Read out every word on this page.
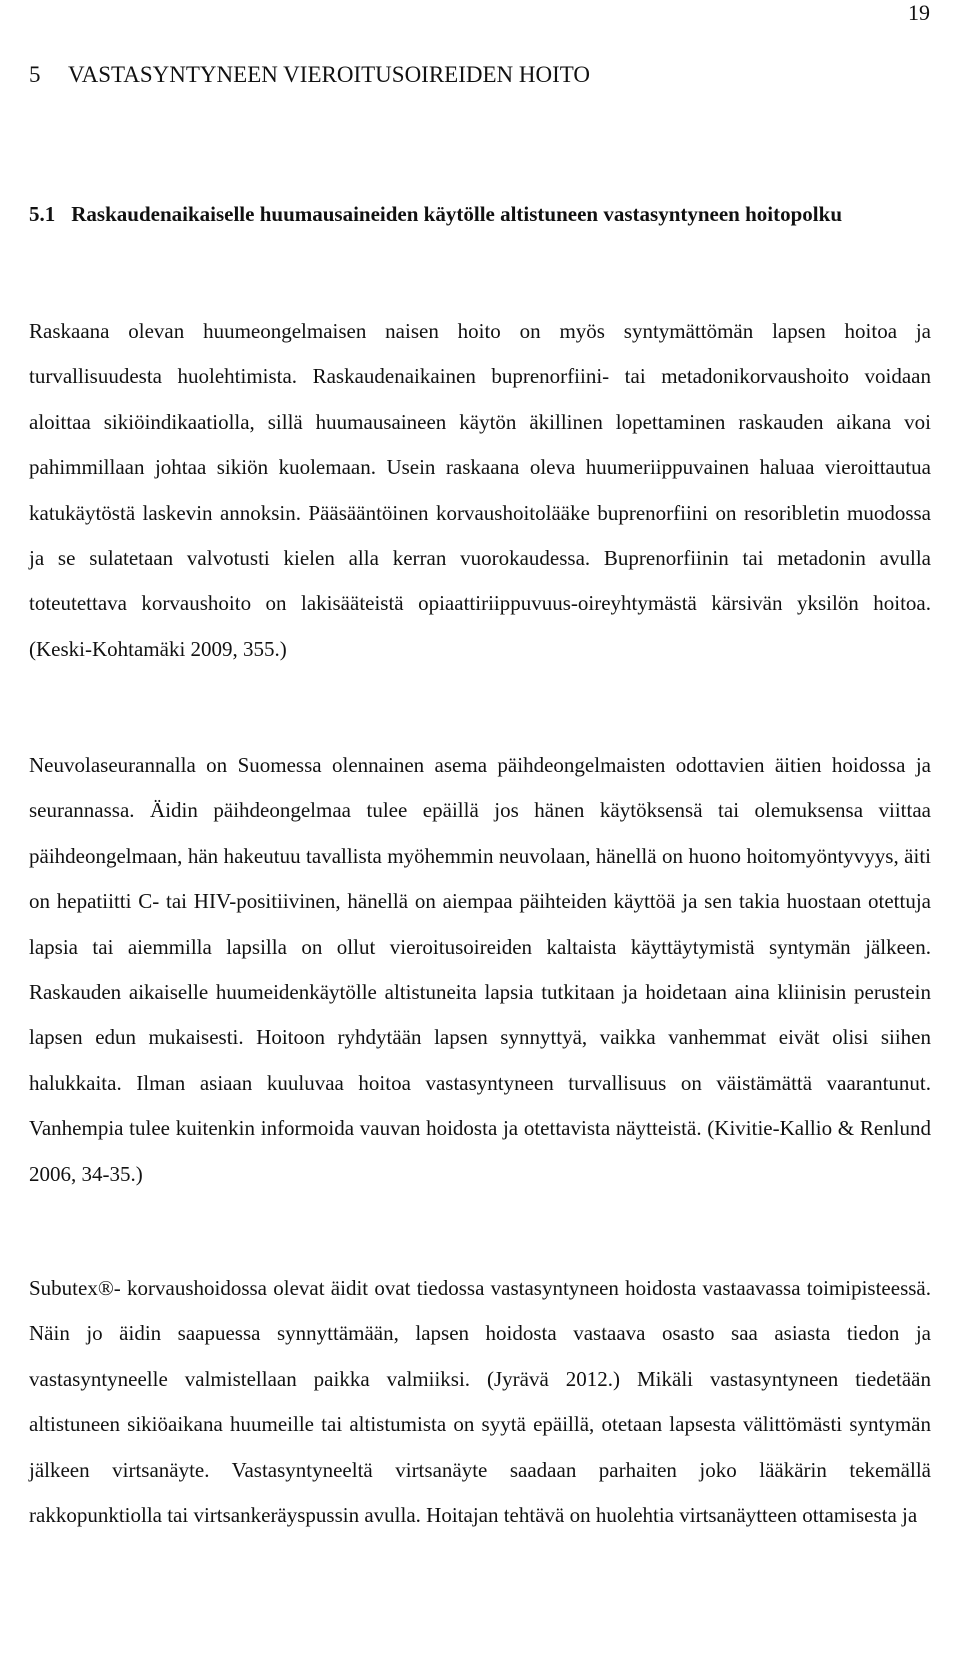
19
5 VASTASYNTYNEEN VIEROITUSOIREIDEN HOITO
5.1 Raskaudenaikaiselle huumausaineiden käytölle altistuneen vastasyntyneen hoitopolku

Raskaana olevan huumeongelmaisen naisen hoito on myös syntymättömän lapsen hoitoa ja turvallisuudesta huolehtimista. Raskaudenaikainen buprenorfiini- tai metadonikorvaushoito voidaan aloittaa sikiöindikaatiolla, sillä huumausaineen käytön äkillinen lopettaminen raskauden aikana voi pahimmillaan johtaa sikiön kuolemaan. Usein raskaana oleva huumeriippuvainen haluaa vieroittautua katukäytöstä laskevin annoksin. Pääsääntöinen korvaushoitolääke buprenorfiini on resoribletin muodossa ja se sulatetaan valvotusti kielen alla kerran vuorokaudessa. Buprenorfiinin tai metadonin avulla toteutettava korvaushoito on lakisääteistä opiaattiriippuvuus-oireyhtymästä kärsivän yksilön hoitoa. (Keski-Kohtamäki 2009, 355.)

Neuvolaseurannalla on Suomessa olennainen asema päihdeongelmaisten odottavien äitien hoidossa ja seurannassa. Äidin päihdeongelmaa tulee epäillä jos hänen käytöksensä tai olemuksensa viittaa päihdeongelmaan, hän hakeutuu tavallista myöhemmin neuvolaan, hänellä on huono hoitomyöntyvyys, äiti on hepatiitti C- tai HIV-positiivinen, hänellä on aiempaa päihteiden käyttöä ja sen takia huostaan otettuja lapsia tai aiemmilla lapsilla on ollut vieroitusoireiden kaltaista käyttäytymistä syntymän jälkeen. Raskauden aikaiselle huumeidenkäytölle altistuneita lapsia tutkitaan ja hoidetaan aina kliinisin perustein lapsen edun mukaisesti. Hoitoon ryhdytään lapsen synnyttyä, vaikka vanhemmat eivät olisi siihen halukkaita. Ilman asiaan kuuluvaa hoitoa vastasyntyneen turvallisuus on väistämättä vaarantunut. Vanhempia tulee kuitenkin informoida vauvan hoidosta ja otettavista näytteistä. (Kivitie-Kallio & Renlund 2006, 34-35.)

Subutex®- korvaushoidossa olevat äidit ovat tiedossa vastasyntyneen hoidosta vastaavassa toimipisteessä. Näin jo äidin saapuessa synnyttämään, lapsen hoidosta vastaava osasto saa asiasta tiedon ja vastasyntyneelle valmistellaan paikka valmiiksi. (Jyrävä 2012.) Mikäli vastasyntyneen tiedetään altistuneen sikiöaikana huumeille tai altistumista on syytä epäillä, otetaan lapsesta välittömästi syntymän jälkeen virtsanäyte. Vastasyntyneeltä virtsanäyte saadaan parhaiten joko lääkärin tekemällä rakkopunktiolla tai virtsankeräyspussin avulla. Hoitajan tehtävä on huolehtia virtsanäytteen ottamisesta ja
